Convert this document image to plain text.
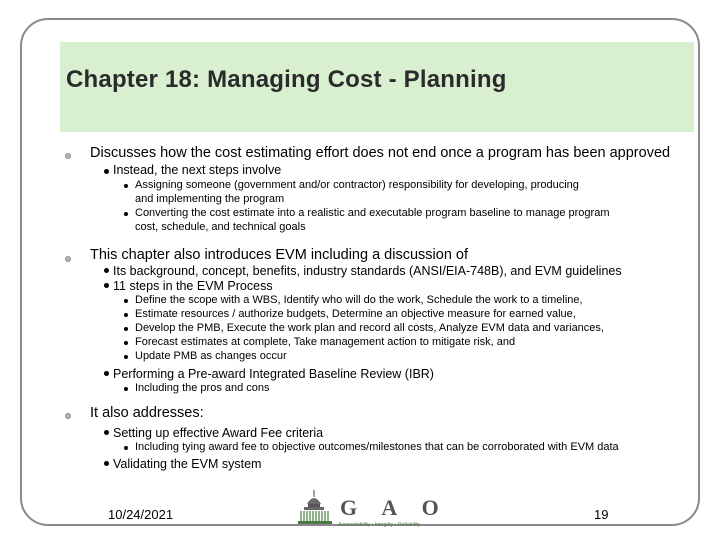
Chapter 18: Managing Cost - Planning
Discusses how the cost estimating effort does not end once a program has been approved
Instead, the next steps involve
Assigning someone (government and/or contractor) responsibility for developing, producing
and implementing the program
Converting the cost estimate into a realistic and executable program baseline to manage program
cost, schedule, and technical goals
This chapter also introduces EVM including a discussion of
Its background, concept, benefits, industry standards (ANSI/EIA-748B), and EVM guidelines
11 steps in the EVM Process
Define the scope with a WBS, Identify who will do the work, Schedule the work to a timeline,
Estimate resources / authorize budgets, Determine an objective measure for earned value,
Develop the PMB, Execute the work plan and record all costs, Analyze EVM data and variances,
Forecast estimates at complete, Take management action to mitigate risk, and
Update PMB as changes occur
Performing a Pre-award Integrated Baseline Review (IBR)
Including the pros and cons
It also addresses:
Setting up effective Award Fee criteria
Including tying award fee to objective outcomes/milestones that can be corroborated with EVM data
Validating the EVM system
10/24/2021	G A O
Accountability • Integrity • Reliability
19
